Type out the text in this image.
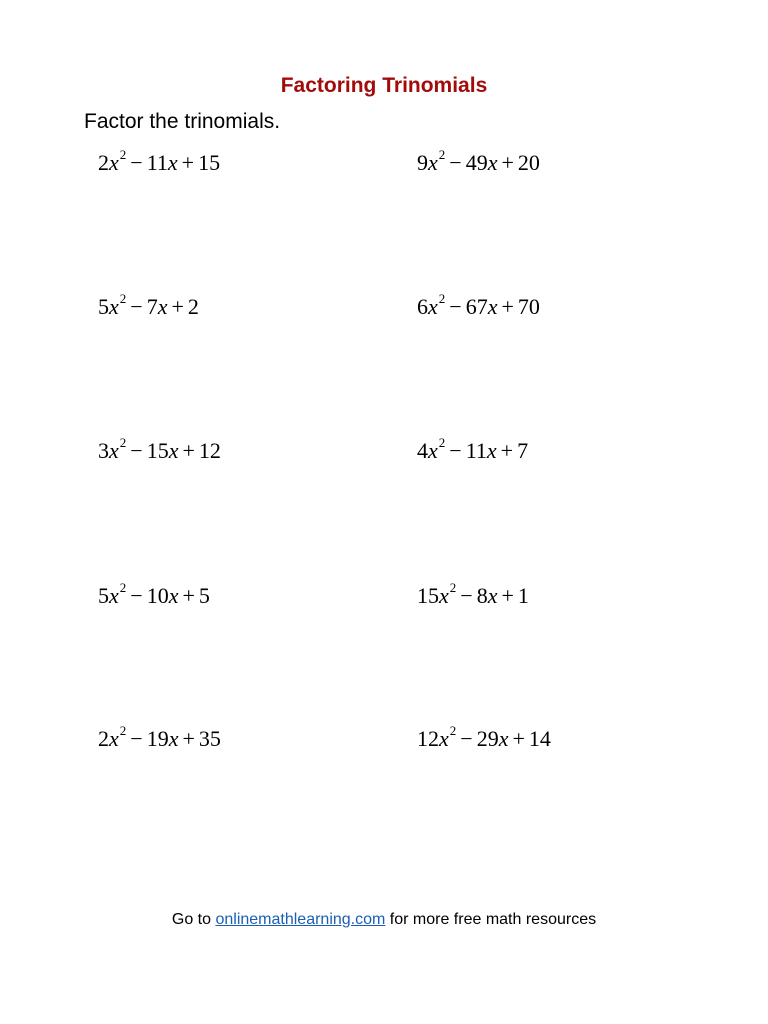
Factoring Trinomials

Factor the trinomials.

$2x^2 - 11x + 15$	$9x^2 - 49x + 20$
$5x^2 - 7x + 2$	$6x^2 - 67x + 70$
$3x^2 - 15x + 12$	$4x^2 - 11x + 7$
$5x^2 - 10x + 5$	$15x^2 - 8x + 1$
$2x^2 - 19x + 35$	$12x^2 - 29x + 14$
Go to onlinemathlearning.com for more free math resources
